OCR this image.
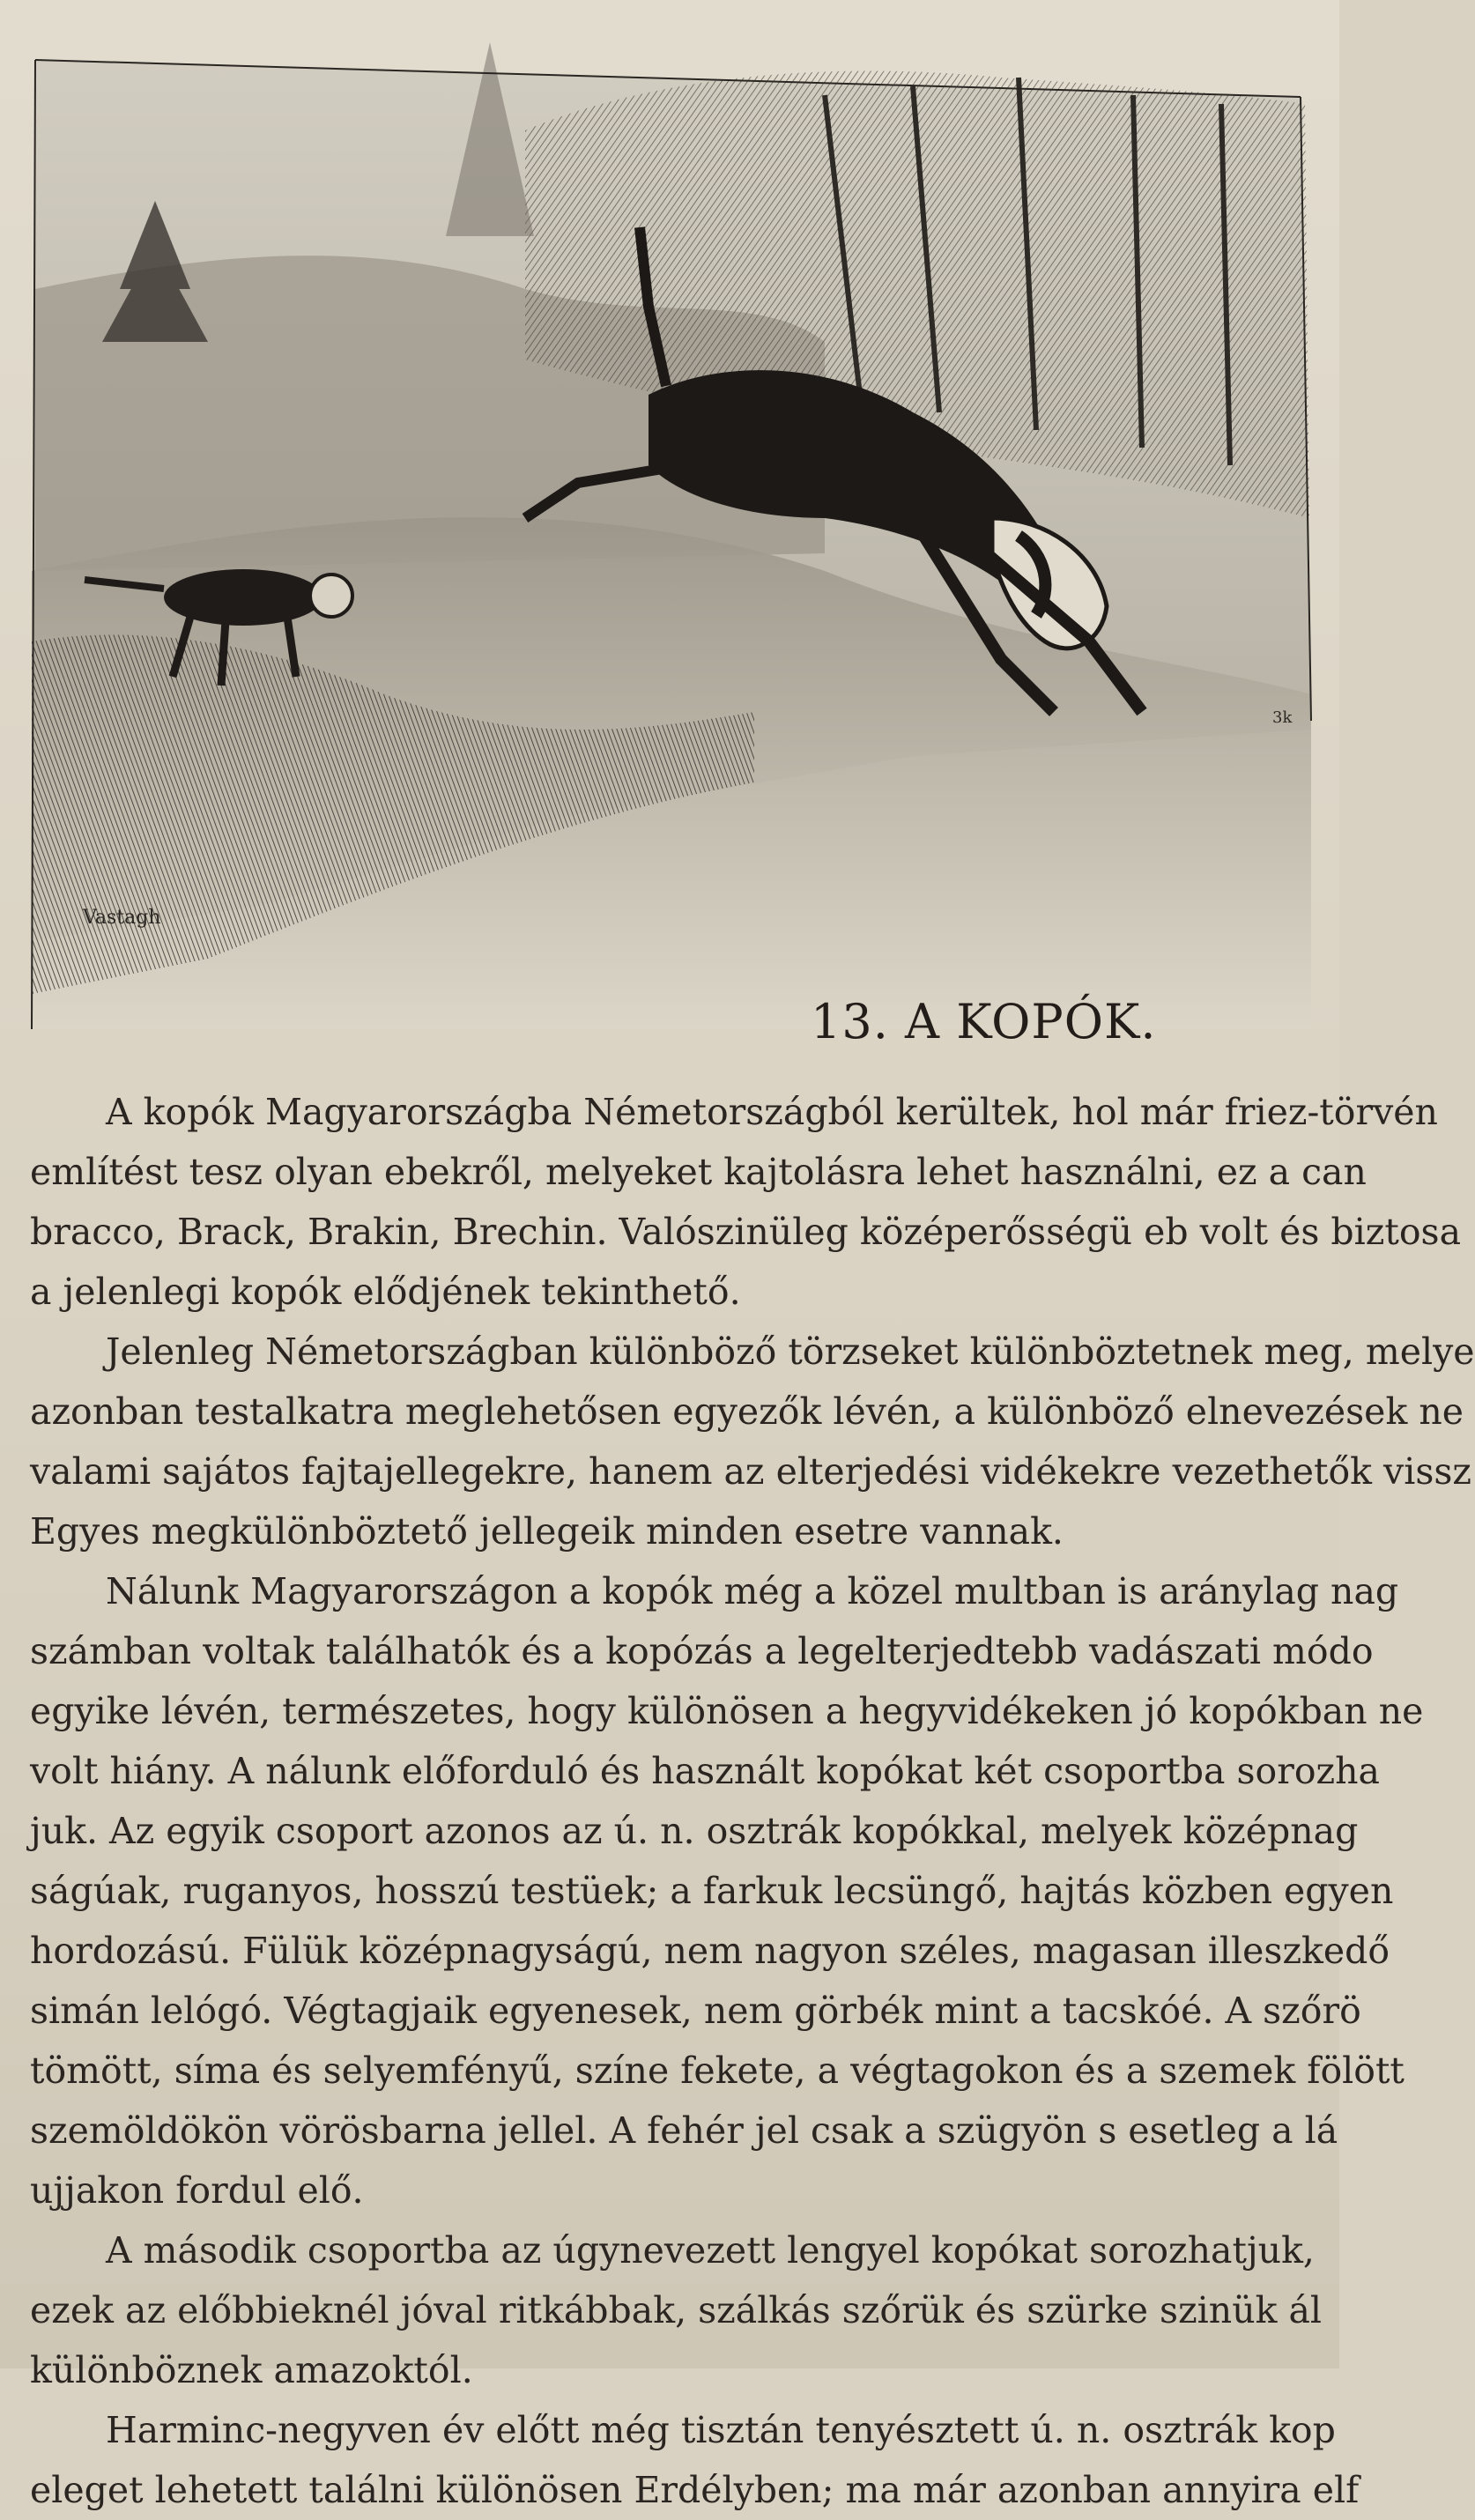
Vastagh
3k
13. A KOPÓK.

A kopók Magyarországba Németországból kerültek, hol már friez-törvén
említést tesz olyan ebekről, melyeket kajtolásra lehet használni, ez a can
bracco, Brack, Brakin, Brechin. Valószinüleg középerősségü eb volt és biztosa
a jelenlegi kopók elődjének tekinthető.

Jelenleg Németországban különböző törzseket különböztetnek meg, melye
azonban testalkatra meglehetősen egyezők lévén, a különböző elnevezések ne
valami sajátos fajtajellegekre, hanem az elterjedési vidékekre vezethetők vissz
Egyes megkülönböztető jellegeik minden esetre vannak.

Nálunk Magyarországon a kopók még a közel multban is aránylag nag
számban voltak találhatók és a kopózás a legelterjedtebb vadászati módo
egyike lévén, természetes, hogy különösen a hegyvidékeken jó kopókban ne
volt hiány. A nálunk előforduló és használt kopókat két csoportba sorozha
juk. Az egyik csoport azonos az ú. n. osztrák kopókkal, melyek középnag
ságúak, ruganyos, hosszú testüek; a farkuk lecsüngő, hajtás közben egyen
hordozású. Fülük középnagyságú, nem nagyon széles, magasan illeszkedő
simán lelógó. Végtagjaik egyenesek, nem görbék mint a tacskóé. A szőrö
tömött, síma és selyemfényű, színe fekete, a végtagokon és a szemek fölött
szemöldökön vörösbarna jellel. A fehér jel csak a szügyön s esetleg a lá
ujjakon fordul elő.

A második csoportba az úgynevezett lengyel kopókat sorozhatjuk,
ezek az előbbieknél jóval ritkábbak, szálkás szőrük és szürke szinük ál
különböznek amazoktól.

Harminc-negyven év előtt még tisztán tenyésztett ú. n. osztrák kop
eleget lehetett találni különösen Erdélyben; ma már azonban annyira elf
